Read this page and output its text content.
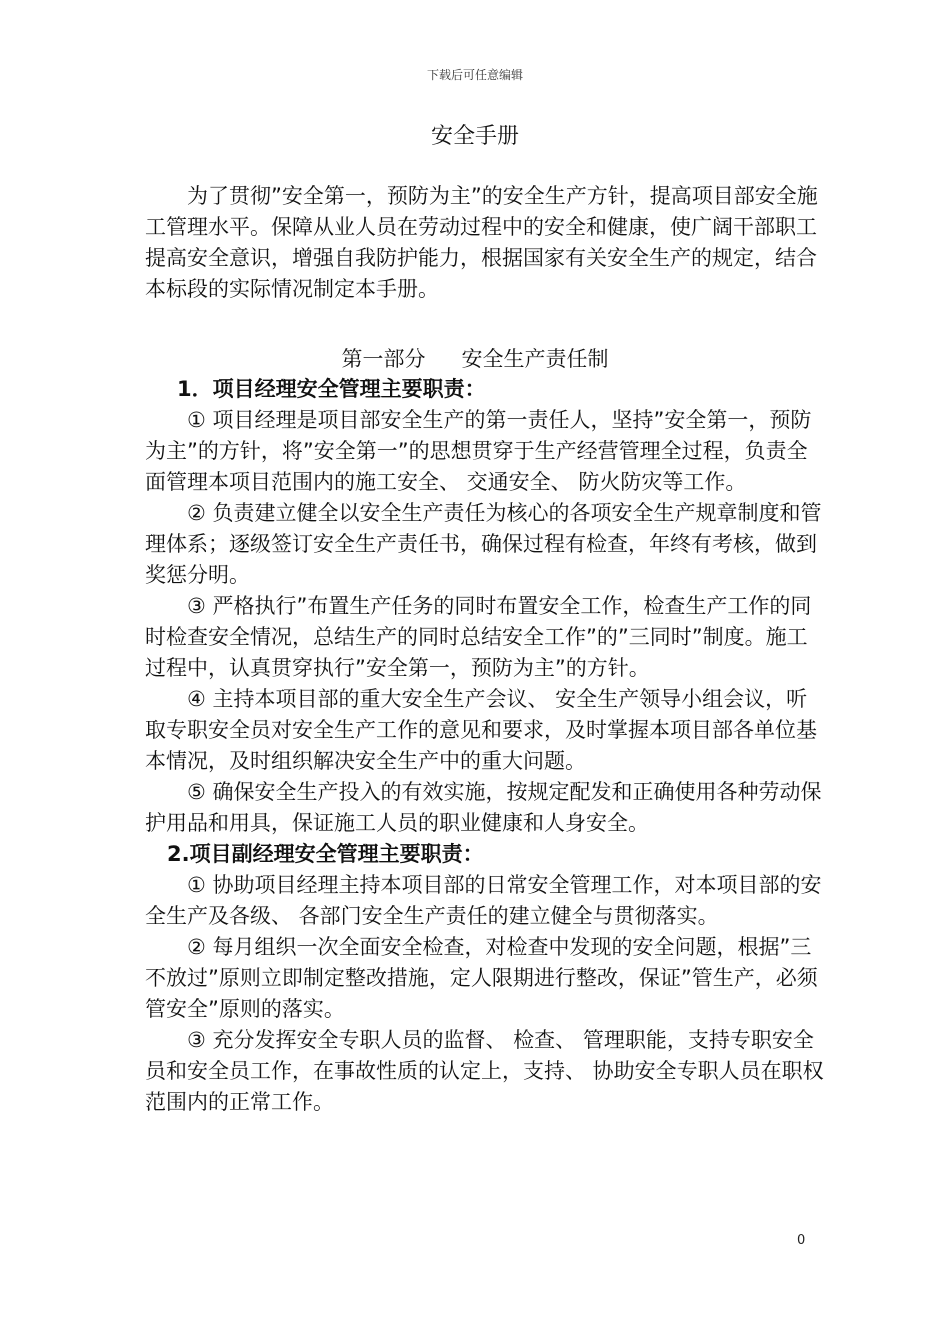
下载后可任意编辑
安全手册

为了贯彻”安全第一，预防为主”的安全生产方针，提高项目部安全施工管理水平。保障从业人员在劳动过程中的安全和健康，使广阔干部职工提高安全意识，增强自我防护能力，根据国家有关安全生产的规定，结合本标段的实际情况制定本手册。

第一部分 安全生产责任制
1．项目经理安全管理主要职责：

① 项目经理是项目部安全生产的第一责任人，坚持”安全第一，预防为主”的方针，将”安全第一”的思想贯穿于生产经营管理全过程，负责全面管理本项目范围内的施工安全、 交通安全、 防火防灾等工作。

② 负责建立健全以安全生产责任为核心的各项安全生产规章制度和管理体系；逐级签订安全生产责任书，确保过程有检查，年终有考核，做到奖惩分明。

③ 严格执行”布置生产任务的同时布置安全工作，检查生产工作的同时检查安全情况，总结生产的同时总结安全工作”的”三同时”制度。施工过程中，认真贯穿执行”安全第一，预防为主”的方针。

④ 主持本项目部的重大安全生产会议、 安全生产领导小组会议，听取专职安全员对安全生产工作的意见和要求，及时掌握本项目部各单位基本情况，及时组织解决安全生产中的重大问题。

⑤ 确保安全生产投入的有效实施，按规定配发和正确使用各种劳动保护用品和用具，保证施工人员的职业健康和人身安全。

2.项目副经理安全管理主要职责：

① 协助项目经理主持本项目部的日常安全管理工作，对本项目部的安全生产及各级、 各部门安全生产责任的建立健全与贯彻落实。

② 每月组织一次全面安全检查，对检查中发现的安全问题，根据”三不放过”原则立即制定整改措施，定人限期进行整改，保证”管生产，必须管安全”原则的落实。

③ 充分发挥安全专职人员的监督、 检查、 管理职能，支持专职安全员和安全员工作，在事故性质的认定上，支持、 协助安全专职人员在职权范围内的正常工作。

0
